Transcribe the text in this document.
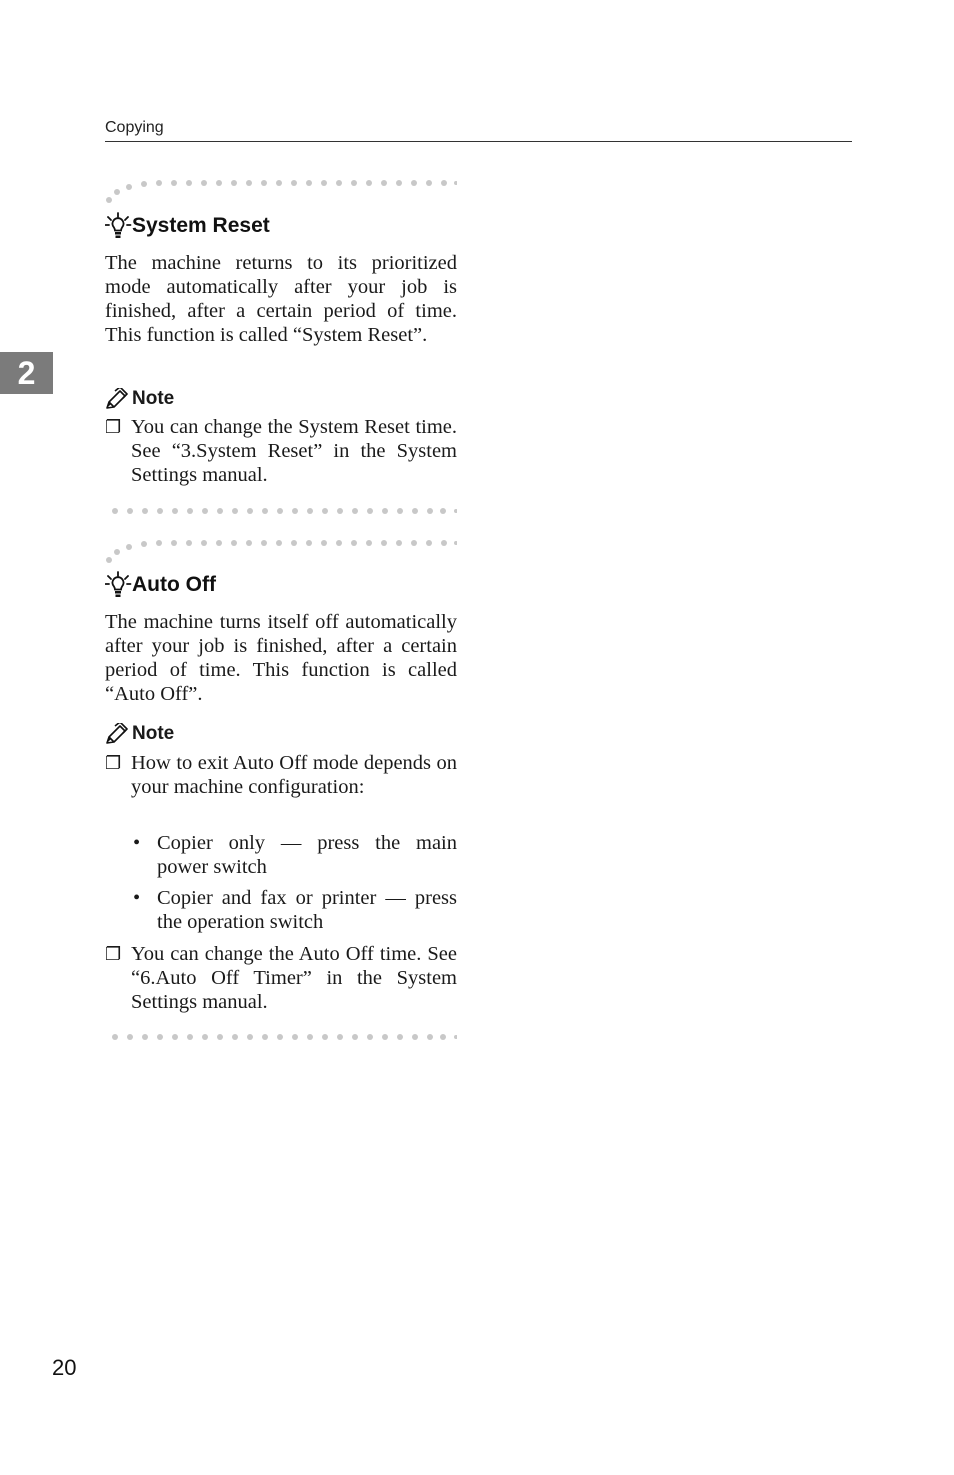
Copying
2
System Reset
The machine returns to its prioritized mode automatically after your job is finished, after a certain period of time. This function is called “System Reset”.
Note
❐ You can change the System Reset time. See “3.System Reset” in the System Settings manual.
Auto Off
The machine turns itself off automatically after your job is finished, after a certain period of time. This function is called “Auto Off”.
Note
❐ How to exit Auto Off mode depends on your machine configuration:
• Copier only — press the main power switch
• Copier and fax or printer — press the operation switch
❐ You can change the Auto Off time. See “6.Auto Off Timer” in the System Settings manual.
20
